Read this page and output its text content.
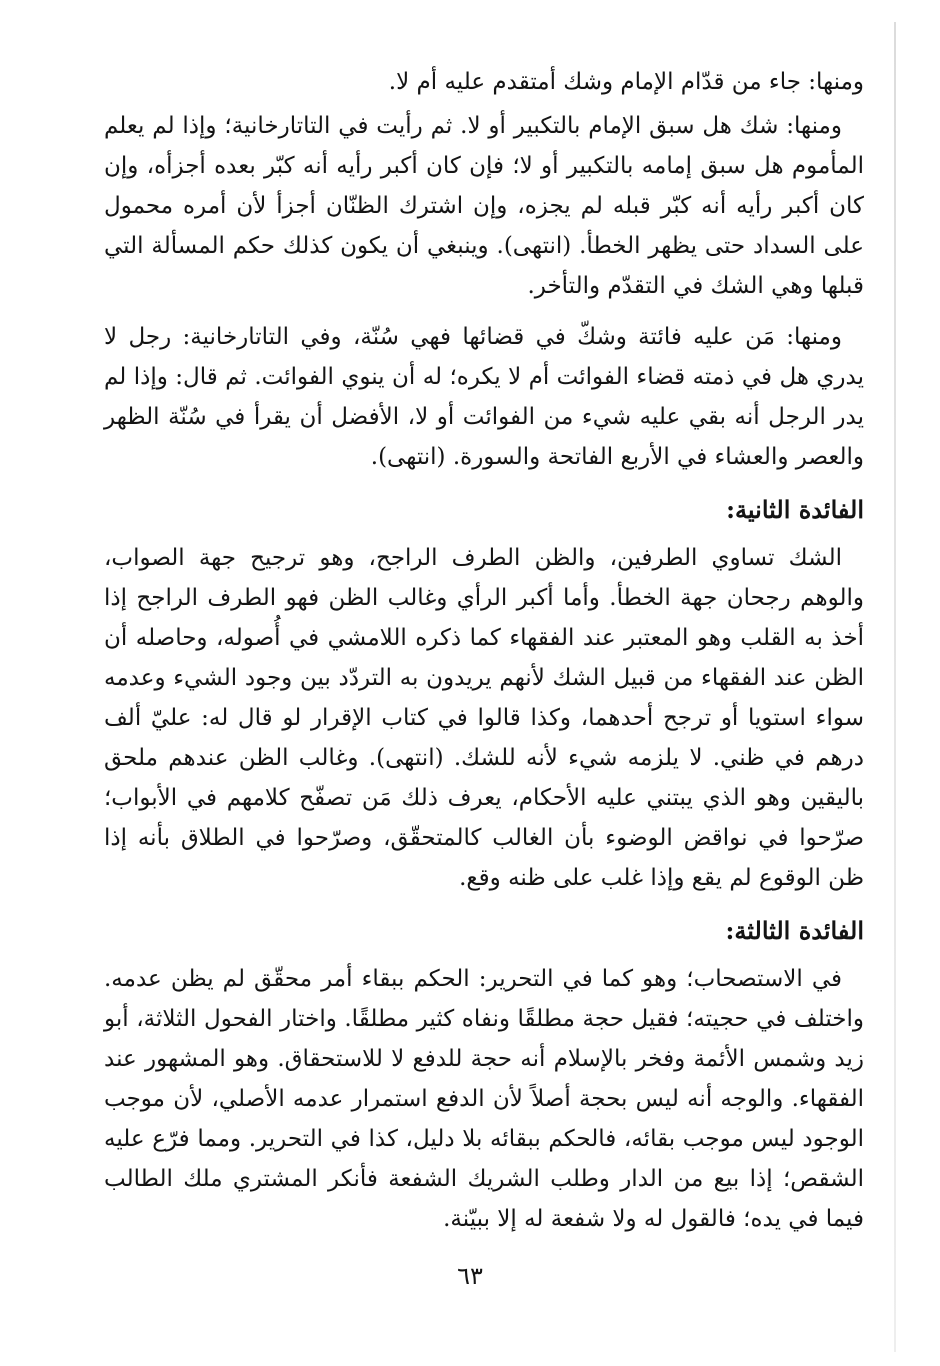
ومنها: جاء من قدّام الإمام وشك أمتقدم عليه أم لا.

ومنها: شك هل سبق الإمام بالتكبير أو لا. ثم رأيت في التاتارخانية؛ وإذا لم يعلم المأموم هل سبق إمامه بالتكبير أو لا؛ فإن كان أكبر رأيه أنه كبّر بعده أجزأه، وإن كان أكبر رأيه أنه كبّر قبله لم يجزه، وإن اشترك الظنّان أجزأ لأن أمره محمول على السداد حتى يظهر الخطأ. (انتهى). وينبغي أن يكون كذلك حكم المسألة التي قبلها وهي الشك في التقدّم والتأخر.

ومنها: مَن عليه فائتة وشكّ في قضائها فهي سُنّة، وفي التاتارخانية: رجل لا يدري هل في ذمته قضاء الفوائت أم لا يكره؛ له أن ينوي الفوائت. ثم قال: وإذا لم يدر الرجل أنه بقي عليه شيء من الفوائت أو لا، الأفضل أن يقرأ في سُنّة الظهر والعصر والعشاء في الأربع الفاتحة والسورة. (انتهى).

الفائدة الثانية:

الشك تساوي الطرفين، والظن الطرف الراجح، وهو ترجيح جهة الصواب، والوهم رجحان جهة الخطأ. وأما أكبر الرأي وغالب الظن فهو الطرف الراجح إذا أخذ به القلب وهو المعتبر عند الفقهاء كما ذكره اللامشي في أُصوله، وحاصله أن الظن عند الفقهاء من قبيل الشك لأنهم يريدون به التردّد بين وجود الشيء وعدمه سواء استويا أو ترجح أحدهما، وكذا قالوا في كتاب الإقرار لو قال له: عليّ ألف درهم في ظني. لا يلزمه شيء لأنه للشك. (انتهى). وغالب الظن عندهم ملحق باليقين وهو الذي يبتني عليه الأحكام، يعرف ذلك مَن تصفّح كلامهم في الأبواب؛ صرّحوا في نواقض الوضوء بأن الغالب كالمتحقّق، وصرّحوا في الطلاق بأنه إذا ظن الوقوع لم يقع وإذا غلب على ظنه وقع.

الفائدة الثالثة:

في الاستصحاب؛ وهو كما في التحرير: الحكم ببقاء أمر محقّق لم يظن عدمه. واختلف في حجيته؛ فقيل حجة مطلقًا ونفاه كثير مطلقًا. واختار الفحول الثلاثة، أبو زيد وشمس الأئمة وفخر بالإسلام أنه حجة للدفع لا للاستحقاق. وهو المشهور عند الفقهاء. والوجه أنه ليس بحجة أصلاً لأن الدفع استمرار عدمه الأصلي، لأن موجب الوجود ليس موجب بقائه، فالحكم ببقائه بلا دليل، كذا في التحرير. ومما فرّع عليه الشقص؛ إذا بيع من الدار وطلب الشريك الشفعة فأنكر المشتري ملك الطالب فيما في يده؛ فالقول له ولا شفعة له إلا ببيّنة.

٦٣
